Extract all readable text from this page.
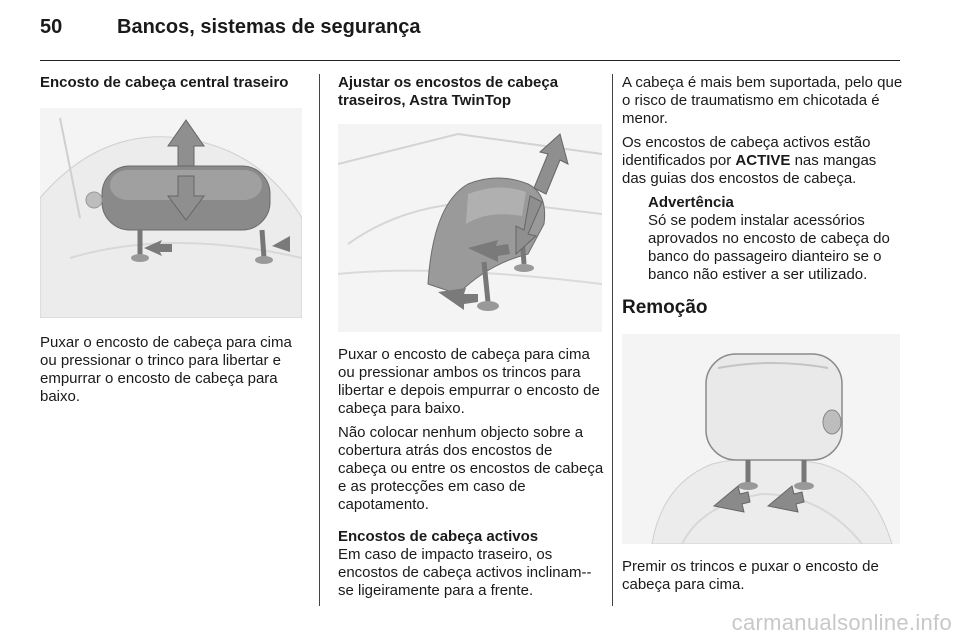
50	Bancos, sistemas de segurança

Encosto de cabeça central traseiro

Puxar o encosto de cabeça para cima ou pressionar o trinco para libertar e empurrar o encosto de cabeça para baixo.

Ajustar os encostos de cabeça traseiros, Astra TwinTop

Puxar o encosto de cabeça para cima ou pressionar ambos os trincos para libertar e depois empurrar o encosto de cabeça para baixo.

Não colocar nenhum objecto sobre a cobertura atrás dos encostos de cabeça ou entre os encostos de cabeça e as protecções em caso de capotamento.

Encostos de cabeça activos

Em caso de impacto traseiro, os encostos de cabeça activos inclinam--se ligeiramente para a frente.

A cabeça é mais bem suportada, pelo que o risco de traumatismo em chicotada é menor.

Os encostos de cabeça activos estão identificados por ACTIVE nas mangas das guias dos encostos de cabeça.

Advertência

Só se podem instalar acessórios aprovados no encosto de cabeça do banco do passageiro dianteiro se o banco não estiver a ser utilizado.

Remoção

Premir os trincos e puxar o encosto de cabeça para cima.

carmanualsonline.info
